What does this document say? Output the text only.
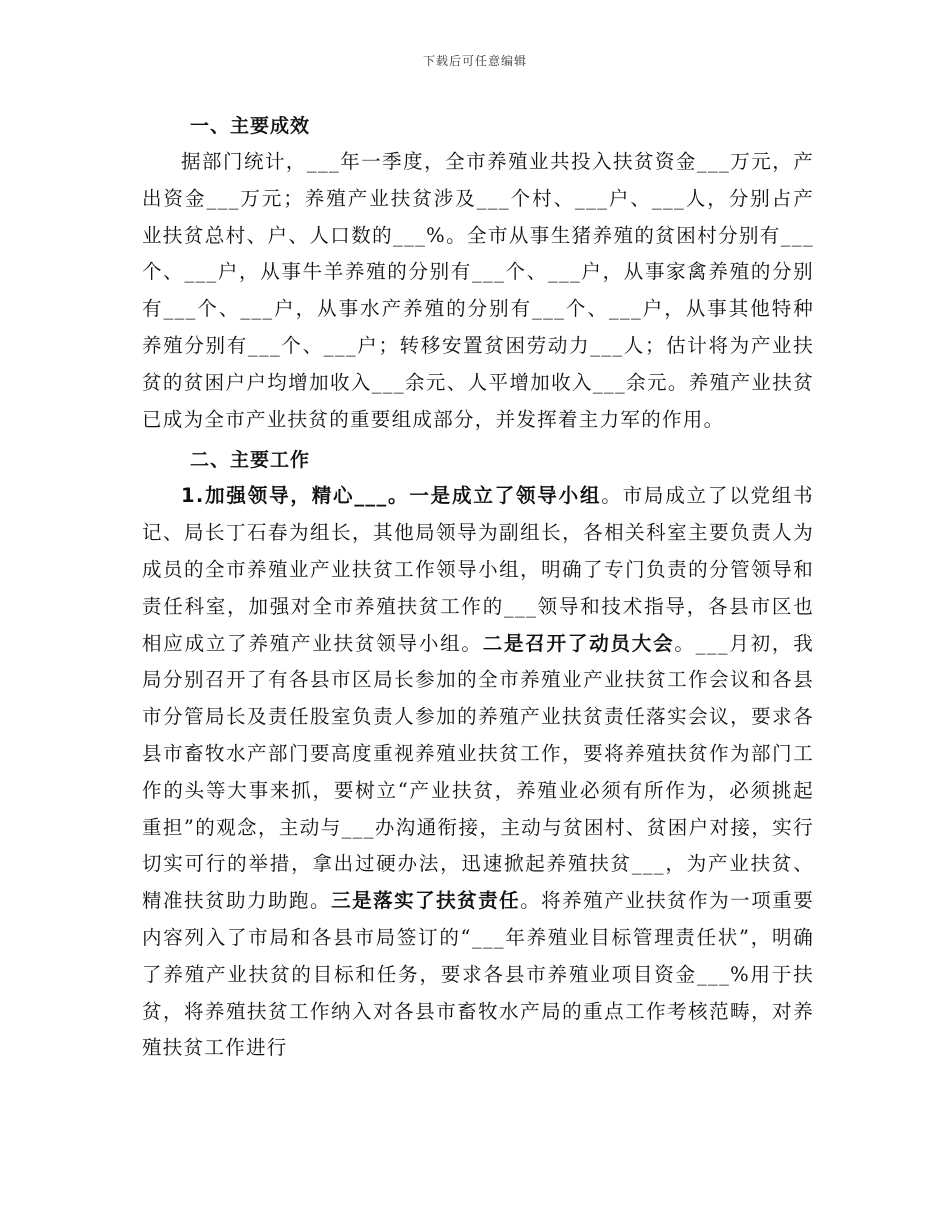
下载后可任意编辑
一、主要成效

据部门统计，___年一季度，全市养殖业共投入扶贫资金___万元，产出资金___万元；养殖产业扶贫涉及___个村、___户、___人，分别占产业扶贫总村、户、人口数的___%。全市从事生猪养殖的贫困村分别有___个、___户，从事牛羊养殖的分别有___个、___户，从事家禽养殖的分别有___个、___户，从事水产养殖的分别有___个、___户，从事其他特种养殖分别有___个、___户；转移安置贫困劳动力___人；估计将为产业扶贫的贫困户户均增加收入___余元、人平增加收入___余元。养殖产业扶贫已成为全市产业扶贫的重要组成部分，并发挥着主力军的作用。

二、主要工作

1.加强领导，精心___。一是成立了领导小组。市局成立了以党组书记、局长丁石春为组长，其他局领导为副组长，各相关科室主要负责人为成员的全市养殖业产业扶贫工作领导小组，明确了专门负责的分管领导和责任科室，加强对全市养殖扶贫工作的___领导和技术指导，各县市区也相应成立了养殖产业扶贫领导小组。二是召开了动员大会。___月初，我局分别召开了有各县市区局长参加的全市养殖业产业扶贫工作会议和各县市分管局长及责任股室负责人参加的养殖产业扶贫责任落实会议，要求各县市畜牧水产部门要高度重视养殖业扶贫工作，要将养殖扶贫作为部门工作的头等大事来抓，要树立“产业扶贫，养殖业必须有所作为，必须挑起重担”的观念，主动与___办沟通衔接，主动与贫困村、贫困户对接，实行切实可行的举措，拿出过硬办法，迅速掀起养殖扶贫___，为产业扶贫、精准扶贫助力助跑。三是落实了扶贫责任。将养殖产业扶贫作为一项重要内容列入了市局和各县市局签订的“___年养殖业目标管理责任状”，明确了养殖产业扶贫的目标和任务，要求各县市养殖业项目资金___%用于扶贫，将养殖扶贫工作纳入对各县市畜牧水产局的重点工作考核范畴，对养殖扶贫工作进行
